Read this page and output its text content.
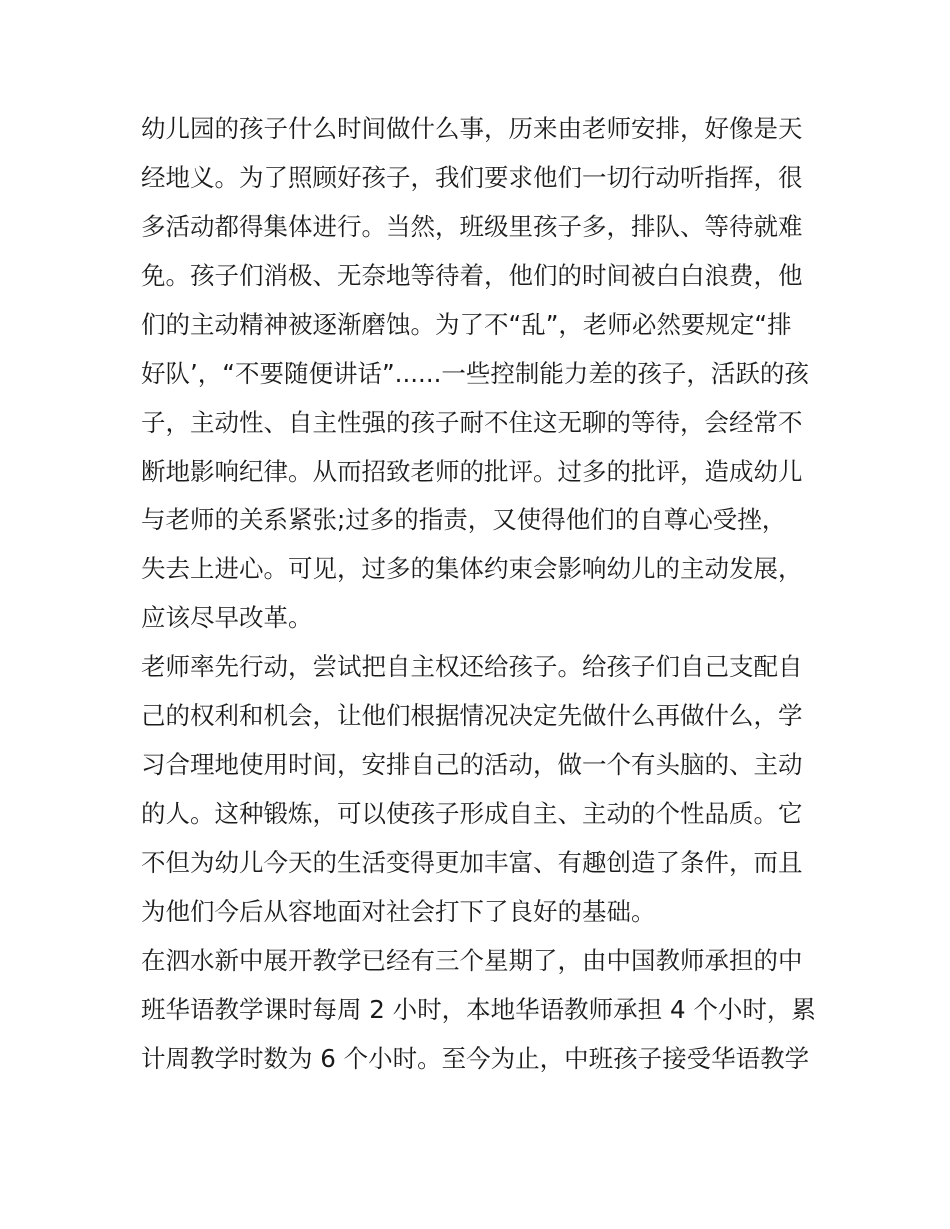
幼儿园的孩子什么时间做什么事，历来由老师安排，好像是天
经地义。为了照顾好孩子，我们要求他们一切行动听指挥，很
多活动都得集体进行。当然，班级里孩子多，排队、等待就难
免。孩子们消极、无奈地等待着，他们的时间被白白浪费，他
们的主动精神被逐渐磨蚀。为了不“乱”，老师必然要规定“排
好队’，“不要随便讲话”......一些控制能力差的孩子，活跃的孩
子，主动性、自主性强的孩子耐不住这无聊的等待，会经常不
断地影响纪律。从而招致老师的批评。过多的批评，造成幼儿
与老师的关系紧张;过多的指责，又使得他们的自尊心受挫，
失去上进心。可见，过多的集体约束会影响幼儿的主动发展，
应该尽早改革。
老师率先行动，尝试把自主权还给孩子。给孩子们自己支配自
己的权利和机会，让他们根据情况决定先做什么再做什么，学
习合理地使用时间，安排自己的活动，做一个有头脑的、主动
的人。这种锻炼，可以使孩子形成自主、主动的个性品质。它
不但为幼儿今天的生活变得更加丰富、有趣创造了条件，而且
为他们今后从容地面对社会打下了良好的基础。
在泗水新中展开教学已经有三个星期了，由中国教师承担的中
班华语教学课时每周 2 小时，本地华语教师承担 4 个小时，累
计周教学时数为 6 个小时。至今为止，中班孩子接受华语教学
